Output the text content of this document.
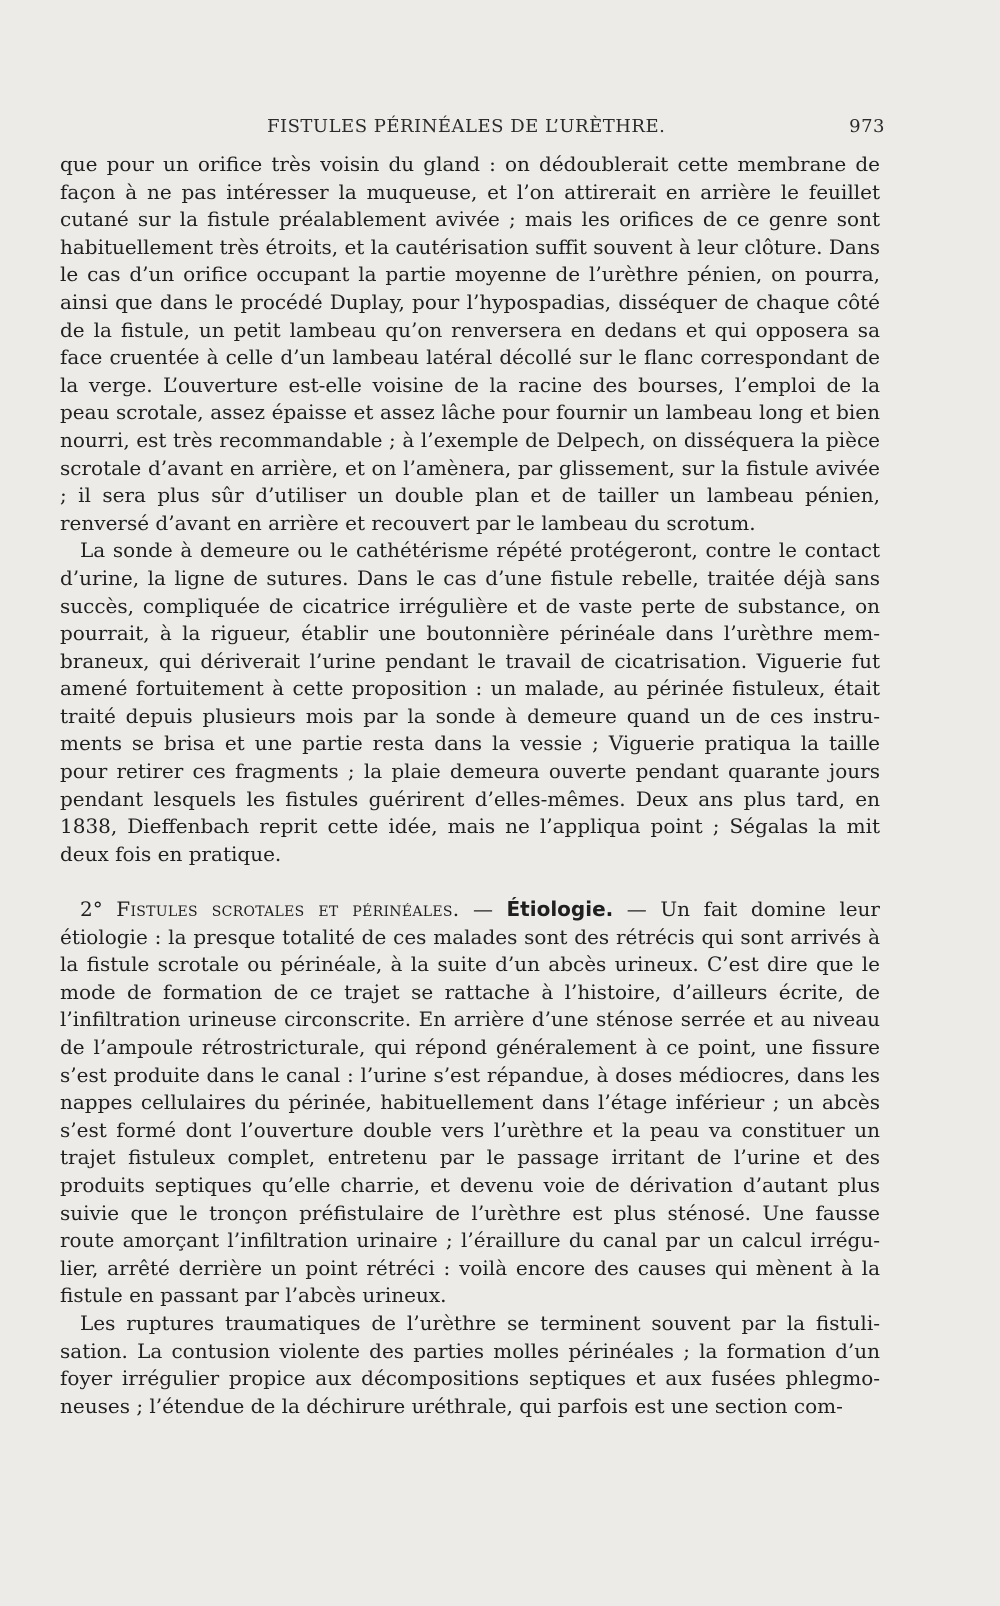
FISTULES PÉRINÉALES DE L’URÈTHRE.	973

que pour un orifice très voisin du gland : on dédoublerait cette membrane de façon à ne pas intéresser la muqueuse, et l’on attirerait en arrière le feuillet cutané sur la fistule préalablement avivée ; mais les orifices de ce genre sont habituellement très étroits, et la cautérisation suffit souvent à leur clôture. Dans le cas d’un orifice occupant la partie moyenne de l’urèthre pénien, on pourra, ainsi que dans le procédé Duplay, pour l’hypospadias, disséquer de chaque côté de la fistule, un petit lambeau qu’on renversera en dedans et qui opposera sa face cruentée à celle d’un lambeau latéral décollé sur le flanc correspondant de la verge. L’ouverture est-elle voisine de la racine des bourses, l’emploi de la peau scrotale, assez épaisse et assez lâche pour fournir un lambeau long et bien nourri, est très recommandable ; à l’exemple de Delpech, on disséquera la pièce scrotale d’avant en arrière, et on l’amènera, par glissement, sur la fistule avivée ; il sera plus sûr d’utiliser un double plan et de tailler un lambeau pénien, renversé d’avant en arrière et recouvert par le lambeau du scrotum.

La sonde à demeure ou le cathétérisme répété protégeront, contre le contact d’urine, la ligne de sutures. Dans le cas d’une fistule rebelle, traitée déjà sans succès, compliquée de cicatrice irrégulière et de vaste perte de substance, on pourrait, à la rigueur, établir une boutonnière périnéale dans l’urèthre membraneux, qui dériverait l’urine pendant le travail de cicatrisation. Viguerie fut amené fortuitement à cette proposition : un malade, au périnée fistuleux, était traité depuis plusieurs mois par la sonde à demeure quand un de ces instruments se brisa et une partie resta dans la vessie ; Viguerie pratiqua la taille pour retirer ces fragments ; la plaie demeura ouverte pendant quarante jours pendant lesquels les fistules guérirent d’elles-mêmes. Deux ans plus tard, en 1838, Dieffenbach reprit cette idée, mais ne l’appliqua point ; Ségalas la mit deux fois en pratique.

2° Fistules scrotales et périnéales. — Étiologie. — Un fait domine leur étiologie : la presque totalité de ces malades sont des rétrécis qui sont arrivés à la fistule scrotale ou périnéale, à la suite d’un abcès urineux. C’est dire que le mode de formation de ce trajet se rattache à l’histoire, d’ailleurs écrite, de l’infiltration urineuse circonscrite. En arrière d’une sténose serrée et au niveau de l’ampoule rétrostricturale, qui répond généralement à ce point, une fissure s’est produite dans le canal : l’urine s’est répandue, à doses médiocres, dans les nappes cellulaires du périnée, habituellement dans l’étage inférieur ; un abcès s’est formé dont l’ouverture double vers l’urèthre et la peau va constituer un trajet fistuleux complet, entretenu par le passage irritant de l’urine et des produits septiques qu’elle charrie, et devenu voie de dérivation d’autant plus suivie que le tronçon préfistulaire de l’urèthre est plus sténosé. Une fausse route amorçant l’infiltration urinaire ; l’éraillure du canal par un calcul irrégulier, arrêté derrière un point rétréci : voilà encore des causes qui mènent à la fistule en passant par l’abcès urineux.

Les ruptures traumatiques de l’urèthre se terminent souvent par la fistulisation. La contusion violente des parties molles périnéales ; la formation d’un foyer irrégulier propice aux décompositions septiques et aux fusées phlegmoneuses ; l’étendue de la déchirure uréthrale, qui parfois est une section com-
